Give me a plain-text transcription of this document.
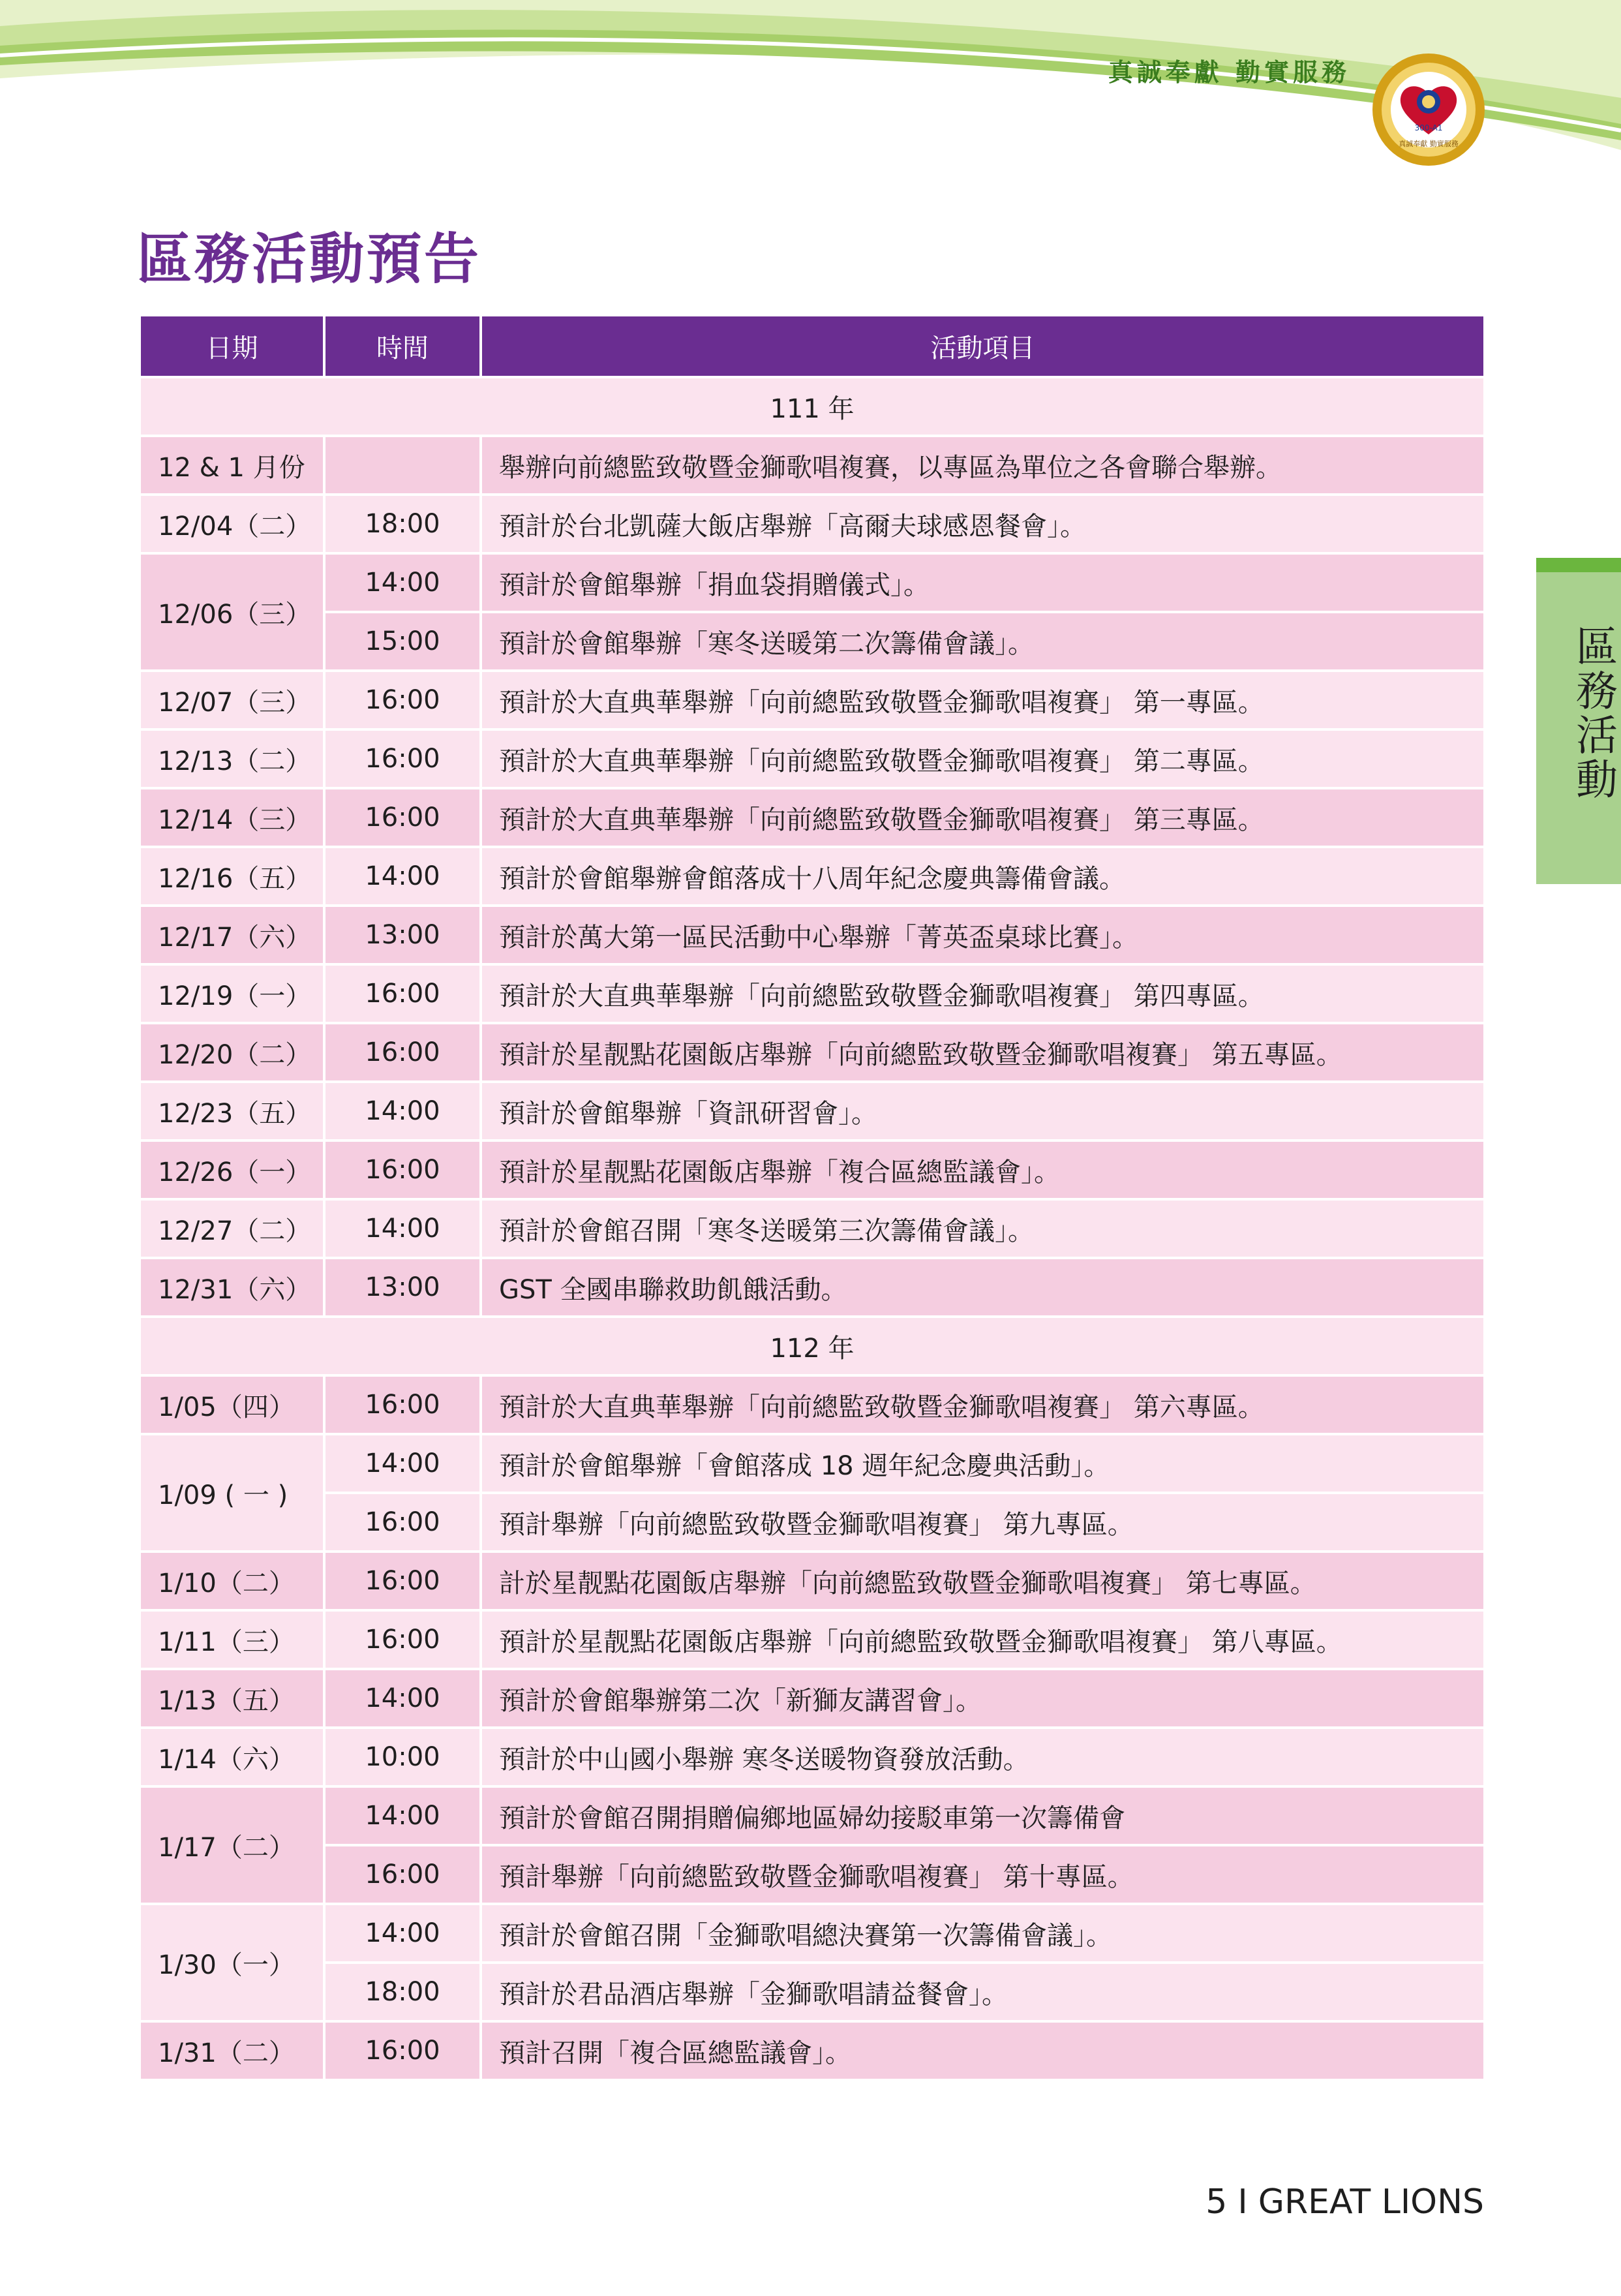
真誠奉獻 勤實服務
300-A1
真誠奉獻 勤實服務
區務活動預告
區務活動
日期	時間	活動項目
111 年		
12 & 1 月份		舉辦向前總監致敬暨金獅歌唱複賽，以專區為單位之各會聯合舉辦。
12/04（二）	18:00	預計於台北凱薩大飯店舉辦「高爾夫球感恩餐會」。
12/06（三）	14:00	預計於會館舉辦「捐血袋捐贈儀式」。
	15:00	預計於會館舉辦「寒冬送暖第二次籌備會議」。
12/07（三）	16:00	預計於大直典華舉辦「向前總監致敬暨金獅歌唱複賽」 第一專區。
12/13（二）	16:00	預計於大直典華舉辦「向前總監致敬暨金獅歌唱複賽」 第二專區。
12/14（三）	16:00	預計於大直典華舉辦「向前總監致敬暨金獅歌唱複賽」 第三專區。
12/16（五）	14:00	預計於會館舉辦會館落成十八周年紀念慶典籌備會議。
12/17（六）	13:00	預計於萬大第一區民活動中心舉辦「菁英盃桌球比賽」。
12/19（一）	16:00	預計於大直典華舉辦「向前總監致敬暨金獅歌唱複賽」 第四專區。
12/20（二）	16:00	預計於星靓點花園飯店舉辦「向前總監致敬暨金獅歌唱複賽」 第五專區。
12/23（五）	14:00	預計於會館舉辦「資訊研習會」。
12/26（一）	16:00	預計於星靓點花園飯店舉辦「複合區總監議會」。
12/27（二）	14:00	預計於會館召開「寒冬送暖第三次籌備會議」。
12/31（六）	13:00	GST 全國串聯救助飢餓活動。
112 年		
1/05（四）	16:00	預計於大直典華舉辦「向前總監致敬暨金獅歌唱複賽」 第六專區。
1/09 ( 一 )	14:00	預計於會館舉辦「會館落成 18 週年紀念慶典活動」。
	16:00	預計舉辦「向前總監致敬暨金獅歌唱複賽」 第九專區。
1/10（二）	16:00	計於星靓點花園飯店舉辦「向前總監致敬暨金獅歌唱複賽」 第七專區。
1/11（三）	16:00	預計於星靓點花園飯店舉辦「向前總監致敬暨金獅歌唱複賽」 第八專區。
1/13（五）	14:00	預計於會館舉辦第二次「新獅友講習會」。
1/14（六）	10:00	預計於中山國小舉辦 寒冬送暖物資發放活動。
1/17（二）	14:00	預計於會館召開捐贈偏鄉地區婦幼接駁車第一次籌備會
	16:00	預計舉辦「向前總監致敬暨金獅歌唱複賽」 第十專區。
1/30（一）	14:00	預計於會館召開「金獅歌唱總決賽第一次籌備會議」。
	18:00	預計於君品酒店舉辦「金獅歌唱請益餐會」。
1/31（二）	16:00	預計召開「複合區總監議會」。
5 I GREAT LIONS
